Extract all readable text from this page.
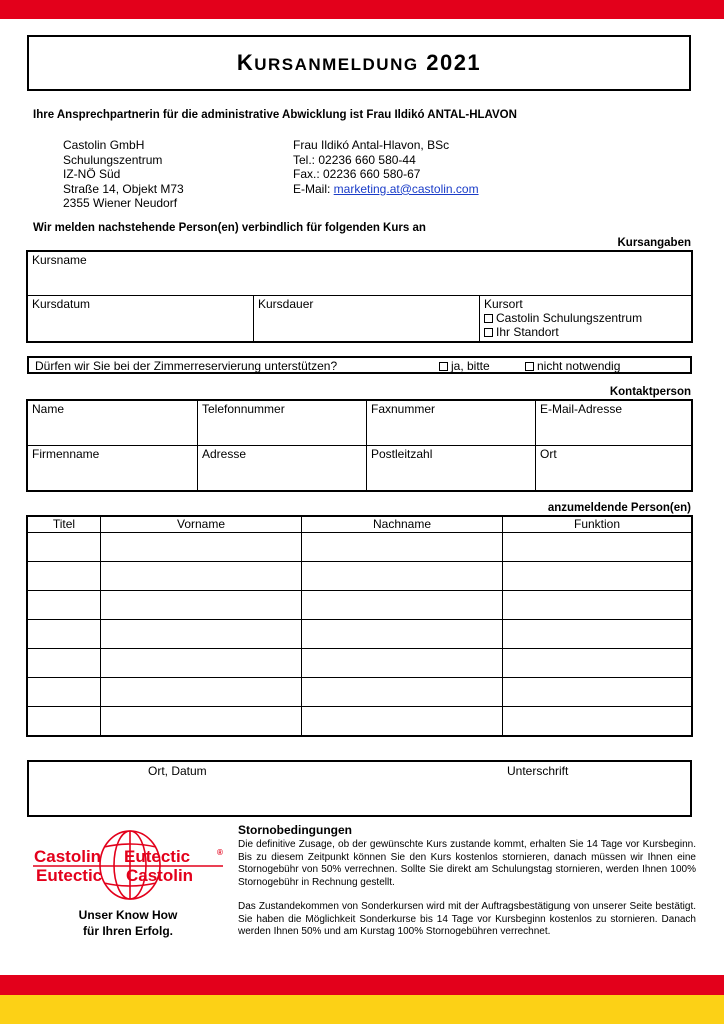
KURSANMELDUNG 2021
Ihre Ansprechpartnerin für die administrative Abwicklung ist Frau Ildikó ANTAL-HLAVON
Castolin GmbH
Schulungszentrum
IZ-NÖ Süd
Straße 14, Objekt M73
2355 Wiener Neudorf
Frau Ildikó Antal-Hlavon, BSc
Tel.: 02236 660 580-44
Fax.: 02236 660 580-67
E-Mail: marketing.at@castolin.com
Wir melden nachstehende Person(en) verbindlich für folgenden Kurs an
Kursangaben
Kursname
Kursdatum	Kursdauer	Kursort
Castolin Schulungszentrum
Ihr Standort
Dürfen wir Sie bei der Zimmerreservierung unterstützen?	ja, bitte	nicht notwendig
Kontaktperson
Name	Telefonnummer	Faxnummer	E-Mail-Adresse
Firmenname	Adresse	Postleitzahl	Ort
anzumeldende Person(en)
Titel	Vorname	Nachname	Funktion

Ort, Datum	Unterschrift
Castolin Eutectic	®
Eutectic Castolin
Unser Know How
für Ihren Erfolg.
Stornobedingungen
Die definitive Zusage, ob der gewünschte Kurs zustande kommt, erhalten Sie 14 Tage vor Kursbeginn. Bis zu diesem Zeitpunkt können Sie den Kurs kostenlos stornieren, danach müssen wir Ihnen eine Stornogebühr von 50% verrechnen. Sollte Sie direkt am Schulungstag stornieren, werden Ihnen 100% Stornogebühr in Rechnung gestellt.
Das Zustandekommen von Sonderkursen wird mit der Auftragsbestätigung von unserer Seite bestätigt. Sie haben die Möglichkeit Sonderkurse bis 14 Tage vor Kursbeginn kostenlos zu stornieren. Danach werden Ihnen 50% und am Kurstag 100% Stornogebühren verrechnet.
